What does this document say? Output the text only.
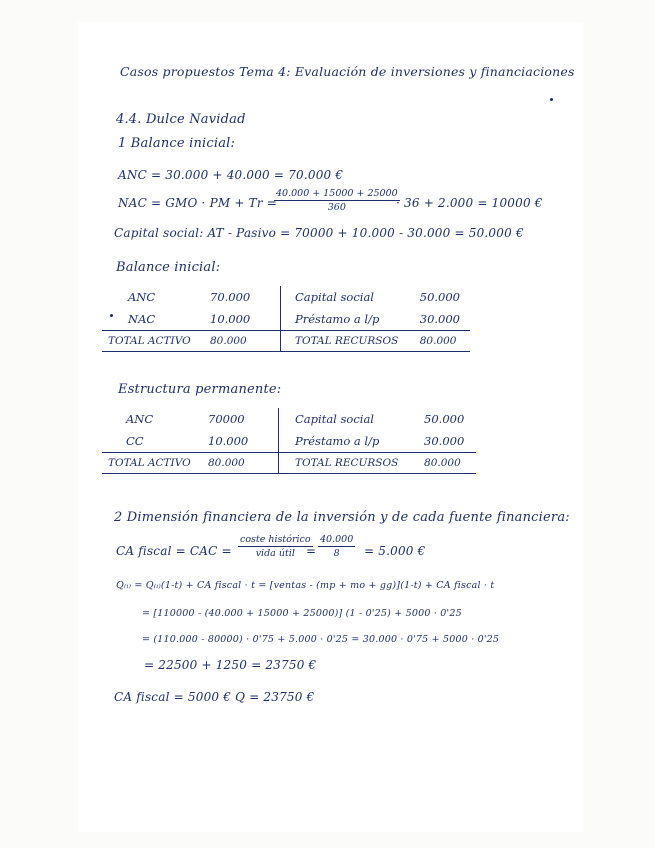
Casos propuestos Tema 4: Evaluación de inversiones y financiaciones
4.4. Dulce Navidad
1 Balance inicial:
ANC = 30.000 + 40.000 = 70.000 €
NAC = GMO · PM + Tr =
$\frac{40.000 + 15000 + 25000}{360}$
· 36 + 2.000 = 10000 €
Capital social: AT - Pasivo = 70000 + 10.000 - 30.000 = 50.000 €
Balance inicial:
ANC	70.000	Capital social	50.000
NAC	10.000	Préstamo a l/p	30.000
TOTAL ACTIVO	80.000	TOTAL RECURSOS	80.000
Estructura permanente:
ANC	70000	Capital social	50.000
CC	10.000	Préstamo a l/p	30.000
TOTAL ACTIVO	80.000	TOTAL RECURSOS	80.000
2 Dimensión financiera de la inversión y de cada fuente financiera:
CA fiscal = CAC =
coste histórico
vida útil = $\frac{40.000}{8} = 5.000$ €
Q₍ᵢ₎ = Q₍ᵢ₎(1-t) + CA fiscal · t = [ventas - (mp + mo + gg)](1-t) + CA fiscal · t
= [110000 - (40.000 + 15000 + 25000)] (1 - 0'25) + 5000 · 0'25
= (110.000 - 80000) · 0'75 + 5.000 · 0'25 = 30.000 · 0'75 + 5000 · 0'25
= 22500 + 1250 = 23750 €
CA fiscal = 5000 € Q = 23750 €
